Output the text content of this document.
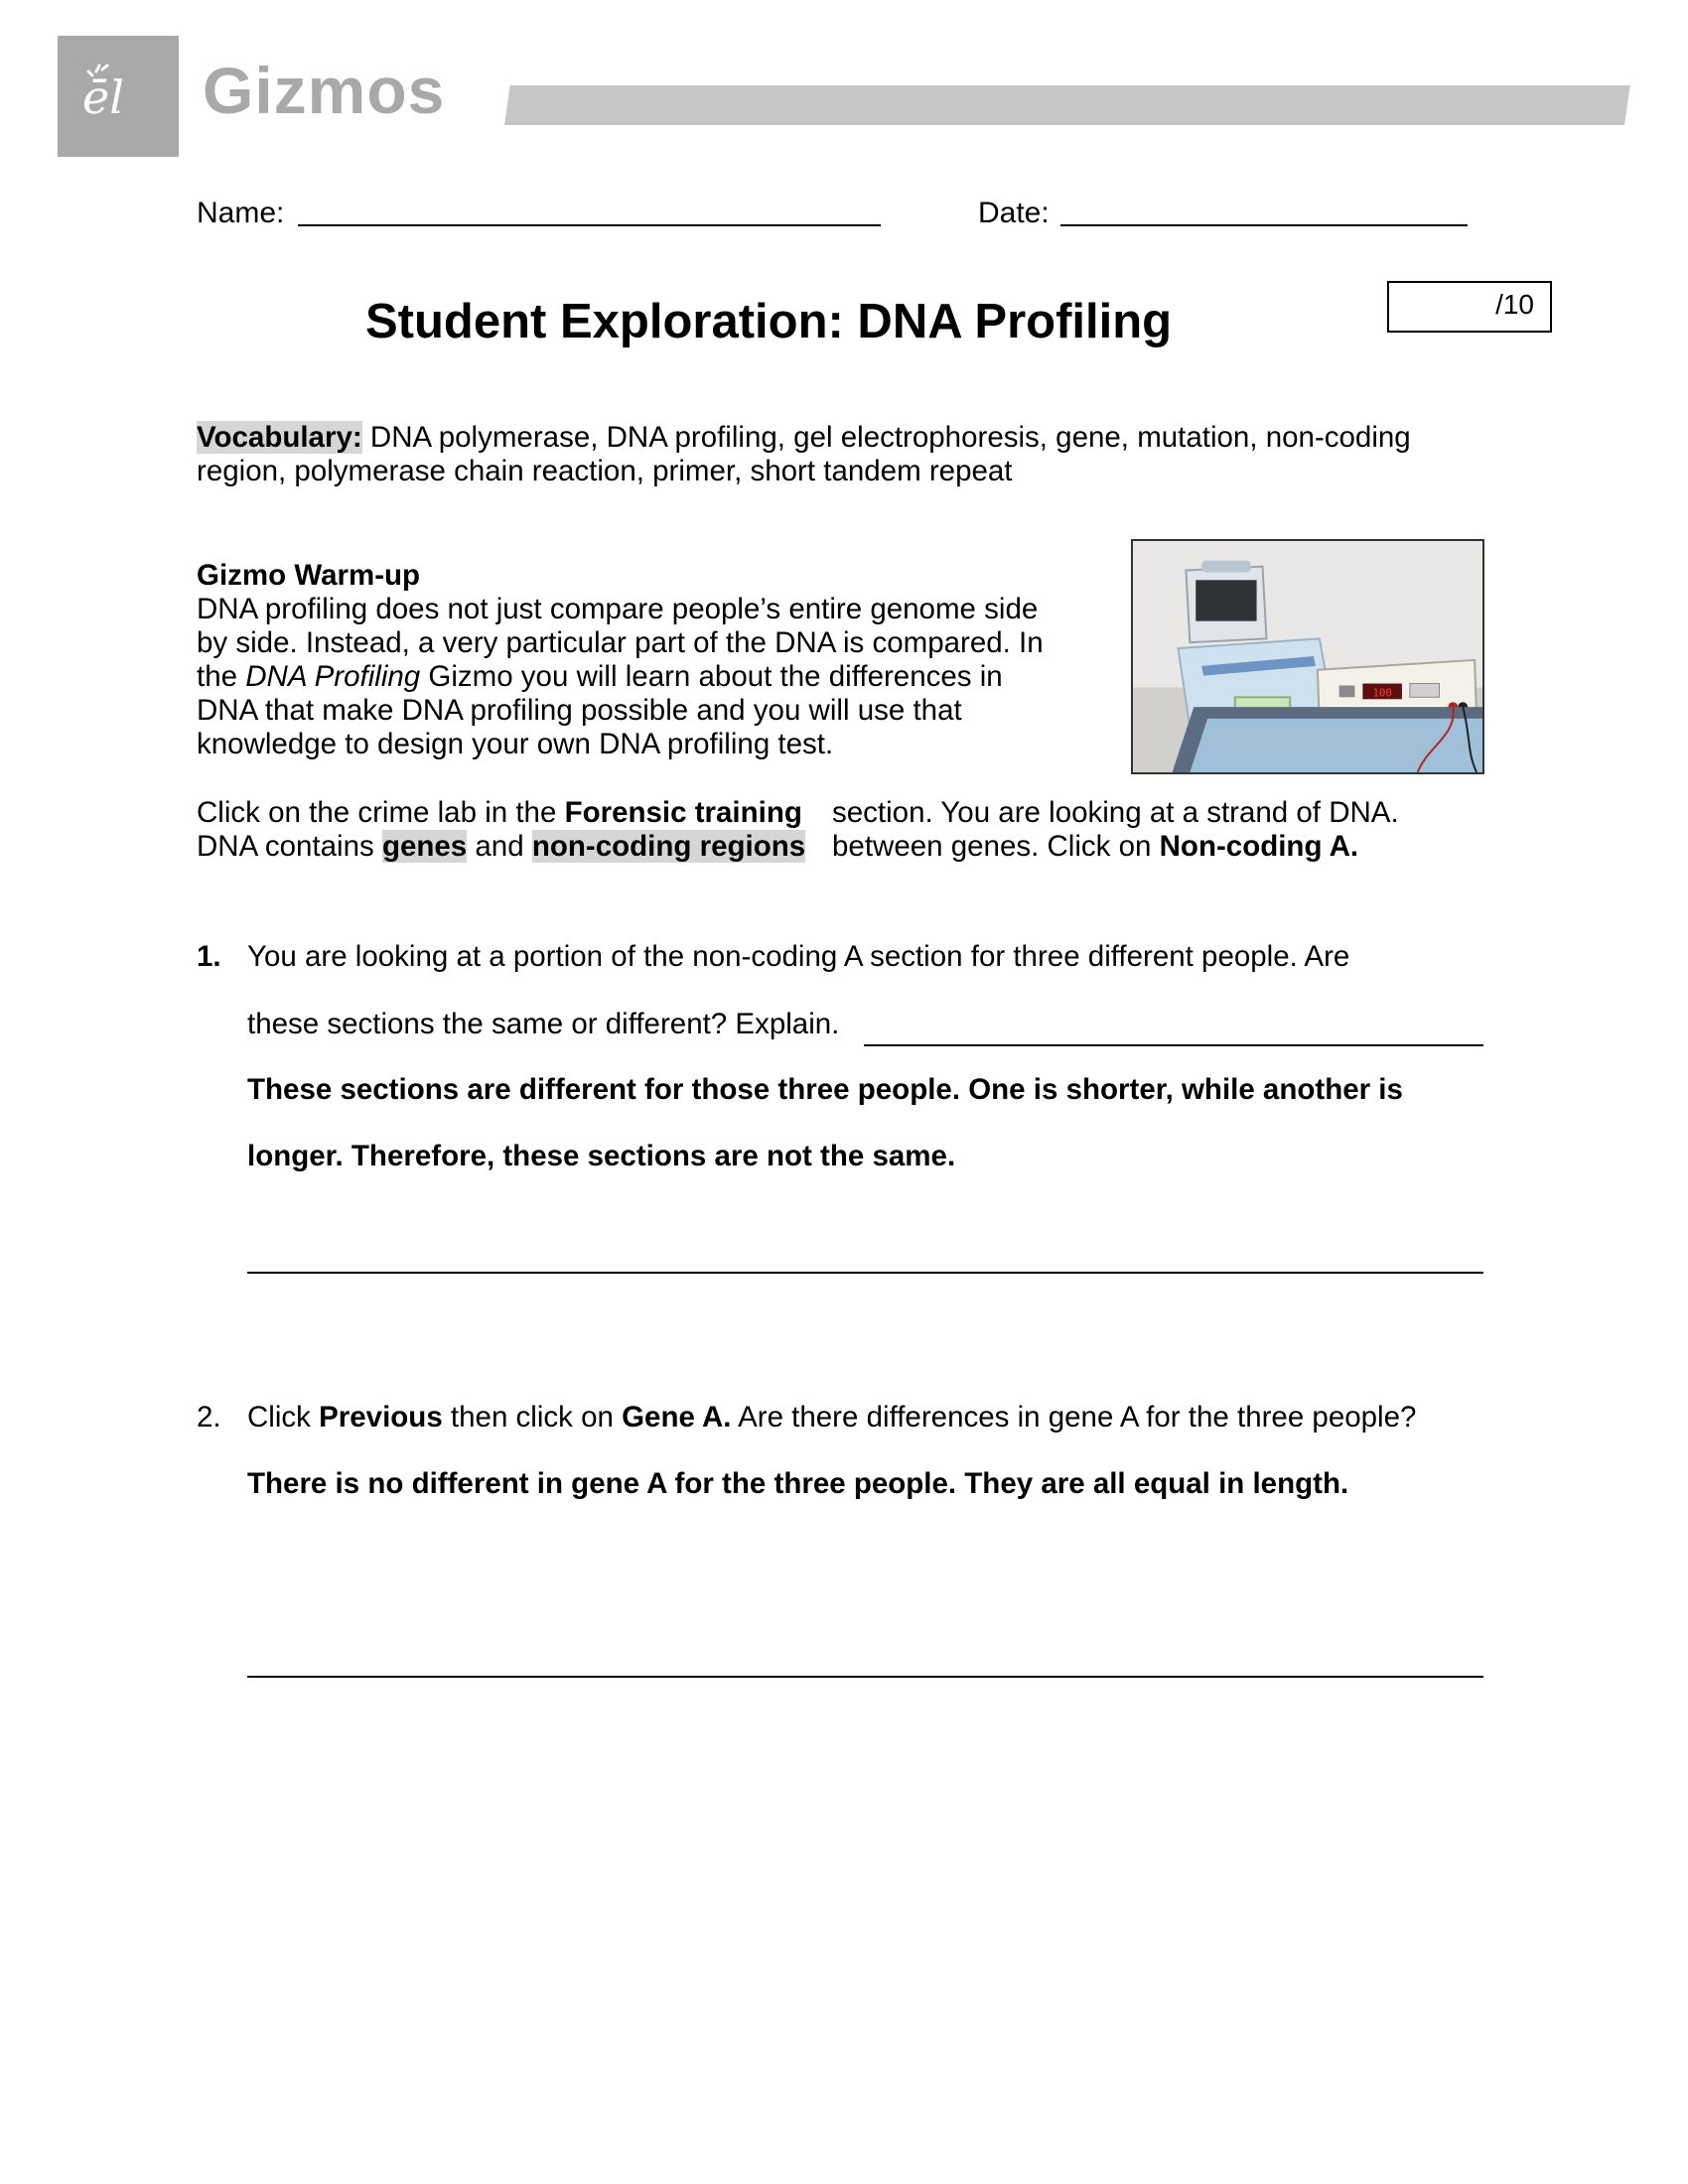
ēl Gizmos
Name:	Date:
Student Exploration: DNA Profiling	/10
Vocabulary: DNA polymerase, DNA profiling, gel electrophoresis, gene, mutation, non-coding
region, polymerase chain reaction, primer, short tandem repeat
Gizmo Warm-up
DNA profiling does not just compare people’s entire genome side
by side. Instead, a very particular part of the DNA is compared. In
the DNA Profiling Gizmo you will learn about the differences in
DNA that make DNA profiling possible and you will use that
knowledge to design your own DNA profiling test.
100
Click on the crime lab in the Forensic training section. You are looking at a strand of DNA.
DNA contains genes and non-coding regions between genes. Click on Non-coding A.
1. You are looking at a portion of the non-coding A section for three different people. Are
these sections the same or different? Explain.
These sections are different for those three people. One is shorter, while another is
longer. Therefore, these sections are not the same.
2. Click Previous then click on Gene A. Are there differences in gene A for the three people?
There is no different in gene A for the three people. They are all equal in length.
